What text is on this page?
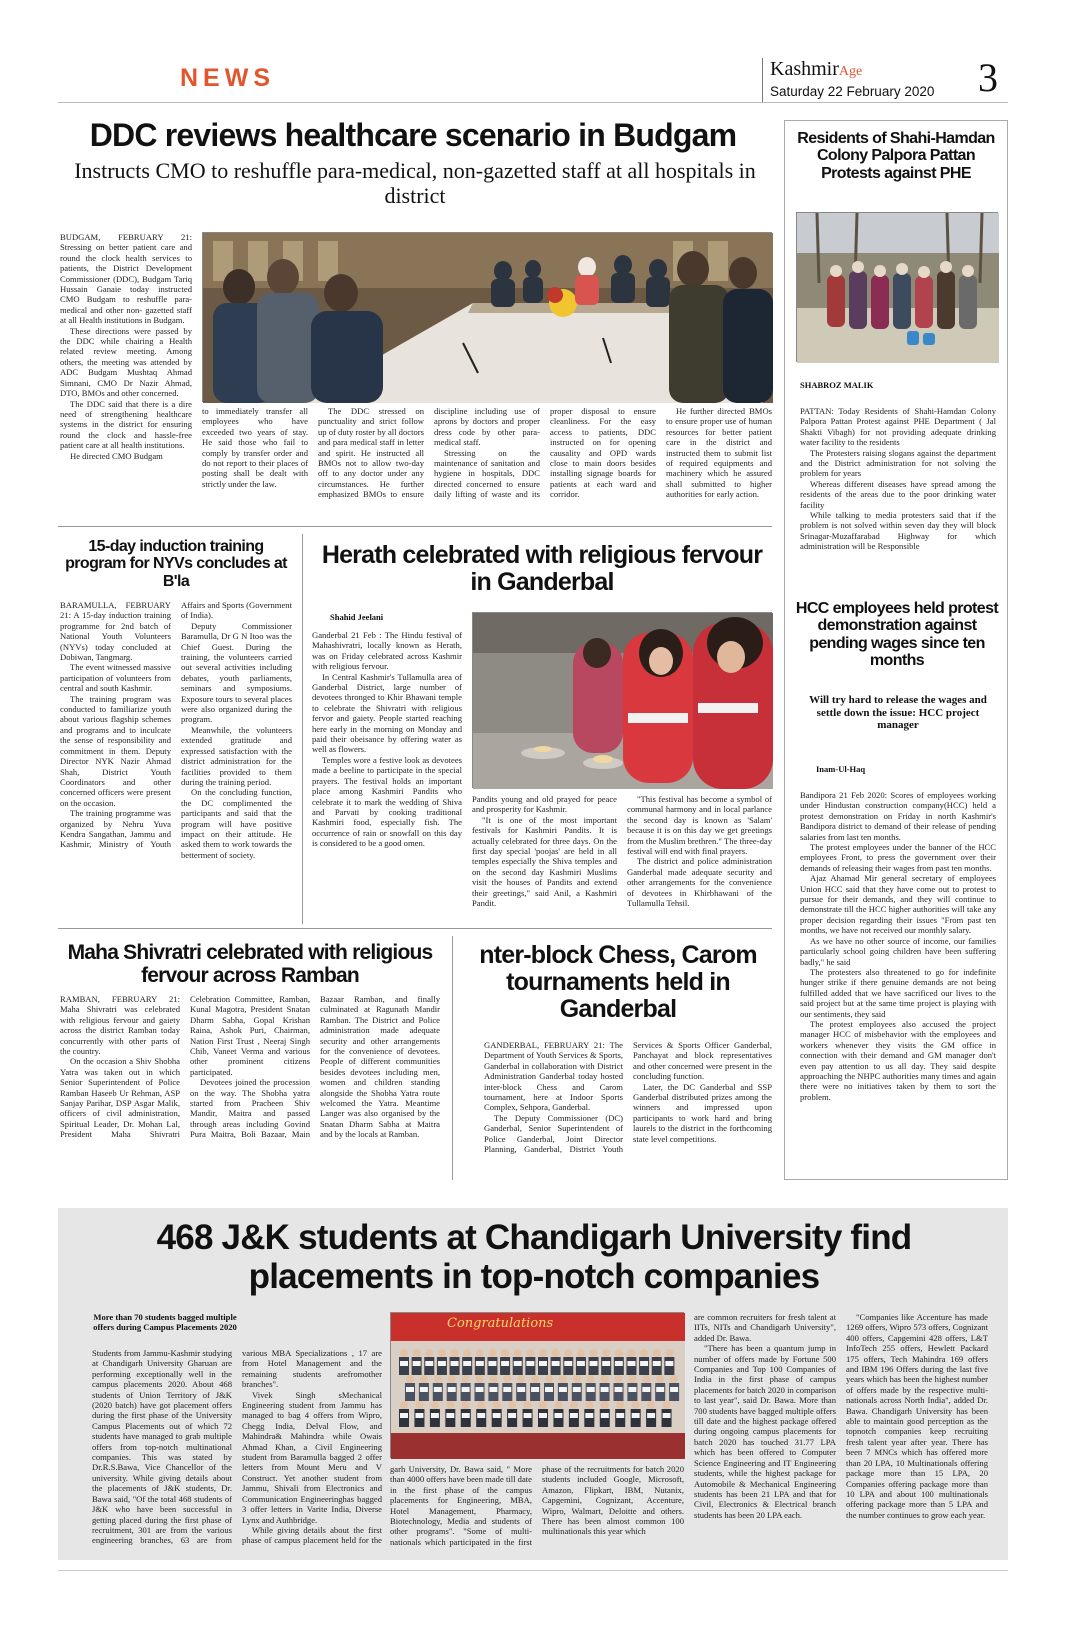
NEWS	KashmirAge
Saturday 22 February 2020 3
DDC reviews healthcare scenario in Budgam
Instructs CMO to reshuffle para-medical, non-gazetted staff at all hospitals in district

BUDGAM, FEBRUARY 21: Stressing on better patient care and round the clock health services to patients, the District Development Commissioner (DDC), Budgam Tariq Hussain Ganaie today instructed CMO Budgam to reshuffle para-medical and other non- gazetted staff at all Health institutions in Budgam.

These directions were passed by the DDC while chairing a Health related review meeting. Among others, the meeting was attended by ADC Budgam Mushtaq Ahmad Simnani, CMO Dr Nazir Ahmad, DTO, BMOs and other concerned.

The DDC said that there is a dire need of strengthening healthcare systems in the district for ensuring round the clock and hassle-free patient care at all health institutions.

He directed CMO Budgam

to immediately transfer all employees who have exceeded two years of stay. He said those who fail to comply by transfer order and do not report to their places of posting shall be dealt with strictly under the law.

The DDC stressed on punctuality and strict follow up of duty roster by all doctors and para medical staff in letter and spirit. He instructed all BMOs not to allow two-day off to any doctor under any circumstances. He further emphasized BMOs to ensure discipline including use of aprons by doctors and proper dress code by other para-medical staff.

Stressing on the maintenance of sanitation and hygiene in hospitals, DDC directed concerned to ensure daily lifting of waste and its proper disposal to ensure cleanliness. For the easy access to patients, DDC instructed on for opening causality and OPD wards close to main doors besides installing signage boards for patients at each ward and corridor.

He further directed BMOs to ensure proper use of human resources for better patient care in the district and instructed them to submit list of required equipments and machinery which he assured shall submitted to higher authorities for early action.

Residents of Shahi-Hamdan Colony Palpora Pattan Protests against PHE
SHABROZ MALIK

PATTAN: Today Residents of Shahi-Hamdan Colony Palpora Pattan Protest against PHE Department ( Jal Shakti Vibagh) for not providing adequate drinking water facility to the residents

The Protesters raising slogans against the department and the District administration for not solving the problem for years

Whereas different diseases have spread among the residents of the areas due to the poor drinking water facility

While talking to media protesters said that if the problem is not solved within seven day they will block Srinagar-Muzaffarabad Highway for which administration will be Responsible

HCC employees held protest demonstration against pending wages since ten months
Will try hard to release the wages and settle down the issue: HCC project manager
Inam-Ul-Haq

Bandipora 21 Feb 2020: Scores of employees working under Hindustan construction company(HCC) held a protest demonstration on Friday in north Kashmir's Bandipora district to demand of their release of pending salaries from last ten months.

The protest employees under the banner of the HCC employees Front, to press the government over their demands of releasing their wages from past ten months.

Ajaz Ahamad Mir general secretary of employees Union HCC said that they have come out to protest to pursue for their demands, and they will continue to demonstrate till the HCC higher authorities will take any proper decision regarding their issues "From past ten months, we have not received our monthly salary.

As we have no other source of income, our families particularly school going children have been suffering badly," he said

The protesters also threatened to go for indefinite hunger strike if there genuine demands are not being fulfilled added that we have sacrificed our lives to the said project but at the same time project is playing with our sentiments, they said

The protest employees also accused the project manager HCC of misbehavior with the employees and workers whenever they visits the GM office in connection with their demand and GM manager don't even pay attention to us all day. They said despite approaching the NHPC authorities many times and again there were no initiatives taken by them to sort the problem.

15-day induction training program for NYVs concludes at B'la

BARAMULLA, FEBRUARY 21: A 15-day induction training programme for 2nd batch of National Youth Volunteers (NYVs) today concluded at Dobiwan, Tangmarg.

The event witnessed massive participation of volunteers from central and south Kashmir.

The training program was conducted to familiarize youth about various flagship schemes and programs and to inculcate the sense of responsibility and commitment in them. Deputy Director NYK Nazir Ahmad Shah, District Youth Coordinators and other concerned officers were present on the occasion.

The training programme was organized by Nehru Yuva Kendra Sangathan, Jammu and Kashmir, Ministry of Youth Affairs and Sports (Government of India).

Deputy Commissioner Baramulla, Dr G N Itoo was the Chief Guest. During the training, the volunteers carried out several activities including debates, youth parliaments, seminars and symposiums. Exposure tours to several places were also organized during the program.

Meanwhile, the volunteers extended gratitude and expressed satisfaction with the district administration for the facilities provided to them during the training period.

On the concluding function, the DC complimented the participants and said that the program will have positive impact on their attitude. He asked them to work towards the betterment of society.

Herath celebrated with religious fervour in Ganderbal
Shahid Jeelani

Ganderbal 21 Feb : The Hindu festival of Mahashivratri, locally known as Herath, was on Friday celebrated across Kashmir with religious fervour.

In Central Kashmir's Tullamulla area of Ganderbal District, large number of devotees thronged to Khir Bhawani temple to celebrate the Shivratri with religious fervor and gaiety. People started reaching here early in the morning on Monday and paid their obeisance by offering water as well as flowers.

Temples wore a festive look as devotees made a beeline to participate in the special prayers. The festival holds an important place among Kashmiri Pandits who celebrate it to mark the wedding of Shiva and Parvati by cooking traditional Kashmiri food, especially fish. The occurrence of rain or snowfall on this day is considered to be a good omen.

Pandits young and old prayed for peace and prosperity for Kashmir.

"It is one of the most important festivals for Kashmiri Pandits. It is actually celebrated for three days. On the first day special 'poojas' are held in all temples especially the Shiva temples and on the second day Kashmiri Muslims visit the houses of Pandits and extend their greetings," said Anil, a Kashmiri Pandit.

"This festival has become a symbol of communal harmony and in local parlance the second day is known as 'Salam' because it is on this day we get greetings from the Muslim brethren." The three-day festival will end with final prayers.

The district and police administration Ganderbal made adequate security and other arrangements for the convenience of devotees in Khirbhawani of the Tullamulla Tehsil.

Maha Shivratri celebrated with religious fervour across Ramban

RAMBAN, FEBRUARY 21: Maha Shivratri was celebrated with religious fervour and gaiety across the district Ramban today concurrently with other parts of the country.

On the occasion a Shiv Shobha Yatra was taken out in which Senior Superintendent of Police Ramban Haseeb Ur Rehman, ASP Sanjay Parihar, DSP Asgar Malik, officers of civil administration, Spiritual Leader, Dr. Mohan Lal, President Maha Shivratri Celebration Committee, Ramban, Kunal Magotra, President Snatan Dharm Sabha, Gopal Krishan Raina, Ashok Puri, Chairman, Nation First Trust , Neeraj Singh Chib, Vaneet Verma and various other prominent citizens participated.

Devotees joined the procession on the way. The Shobha yatra started from Pracheen Shiv Mandir, Maitra and passed through areas including Govind Pura Maitra, Boli Bazaar, Main Bazaar Ramban, and finally culminated at Ragunath Mandir Ramban. The District and Police administration made adequate security and other arrangements for the convenience of devotees. People of different communities besides devotees including men, women and children standing alongside the Shobha Yatra route welcomed the Yatra. Meantime Langer was also organised by the Snatan Dharm Sabha at Maitra and by the locals at Ramban.

nter-block Chess, Carom tournaments held in Ganderbal

GANDERBAL, FEBRUARY 21: The Department of Youth Services & Sports, Ganderbal in collaboration with District Administration Ganderbal today hosted inter-block Chess and Carom tournament, here at Indoor Sports Complex, Sehpora, Ganderbal.

The Deputy Commissioner (DC) Ganderbal, Senior Superintendent of Police Ganderbal, Joint Director Planning, Ganderbal, District Youth Services & Sports Officer Ganderbal, Panchayat and block representatives and other concerned were present in the concluding function.

Later, the DC Ganderbal and SSP Ganderbal distributed prizes among the winners and impressed upon participants to work hard and bring laurels to the district in the forthcoming state level competitions.

468 J&K students at Chandigarh University find placements in top-notch companies
More than 70 students bagged multiple offers during Campus Placements 2020

Students from Jammu-Kashmir studying at Chandigarh University Gharuan are performing exceptionally well in the campus placements 2020. About 468 students of Union Territory of J&K (2020 batch) have got placement offers during the first phase of the University Campus Placements out of which 72 students have managed to grab multiple offers from top-notch multinational companies. This was stated by Dr.R.S.Bawa, Vice Chancellor of the university. While giving details about the placements of J&K students, Dr. Bawa said, "Of the total 468 students of J&K who have been successful in getting placed during the first phase of recruitment, 301 are from the various engineering branches, 63 are from various MBA Specializations , 17 are from Hotel Management and the remaining students arefromother branches".

Vivek Singh sMechanical Engineering student from Jammu has managed to bag 4 offers from Wipro, Chegg India, Delval Flow, and Mahindra& Mahindra while Owais Ahmad Khan, a Civil Engineering student from Baramulla bagged 2 offer letters from Mount Meru and V Construct. Yet another student from Jammu, Shivali from Electronics and Communication Engineeringhas bagged 3 offer letters in Varite India, Diverse Lynx and Authbridge.

While giving details about the first phase of campus placement held for the

Congratulations

garh University, Dr. Bawa said, " More than 4000 offers have been made till date in the first phase of the campus placements for Engineering, MBA, Hotel Management, Pharmacy, Biotechnology, Media and students of other programs". "Some of multi-nationals which participated in the first phase of the recruitments for batch 2020 students included Google, Microsoft, Amazon, Flipkart, IBM, Nutanix, Capgemini, Cognizant, Accenture, Wipro, Walmart, Deloitte and others. There has been almost common 100 multinationals this year which

are common recruiters for fresh talent at IITs, NITs and Chandigarh University", added Dr. Bawa.

"There has been a quantum jump in number of offers made by Fortune 500 Companies and Top 100 Companies of India in the first phase of campus placements for batch 2020 in comparison to last year", said Dr. Bawa. More than 700 students have bagged multiple offers till date and the highest package offered during ongoing campus placements for batch 2020 has touched 31.77 LPA which has been offered to Computer Science Engineering and IT Engineering students, while the highest package for Automobile & Mechanical Engineering students has been 21 LPA and that for Civil, Electronics & Electrical branch students has been 20 LPA each.

"Companies like Accenture has made 1269 offers, Wipro 573 offers, Cognizant 400 offers, Capgemini 428 offers, L&T InfoTech 255 offers, Hewlett Packard 175 offers, Tech Mahindra 169 offers and IBM 196 Offers during the last five years which has been the highest number of offers made by the respective multi-nationals across North India", added Dr. Bawa. Chandigarh University has been able to maintain good perception as the topnotch companies keep recruiting fresh talent year after year. There has been 7 MNCs which has offered more than 20 LPA, 10 Multinationals offering package more than 15 LPA, 20 Companies offering package more than 10 LPA and about 100 multinationals offering package more than 5 LPA and the number continues to grow each year.
